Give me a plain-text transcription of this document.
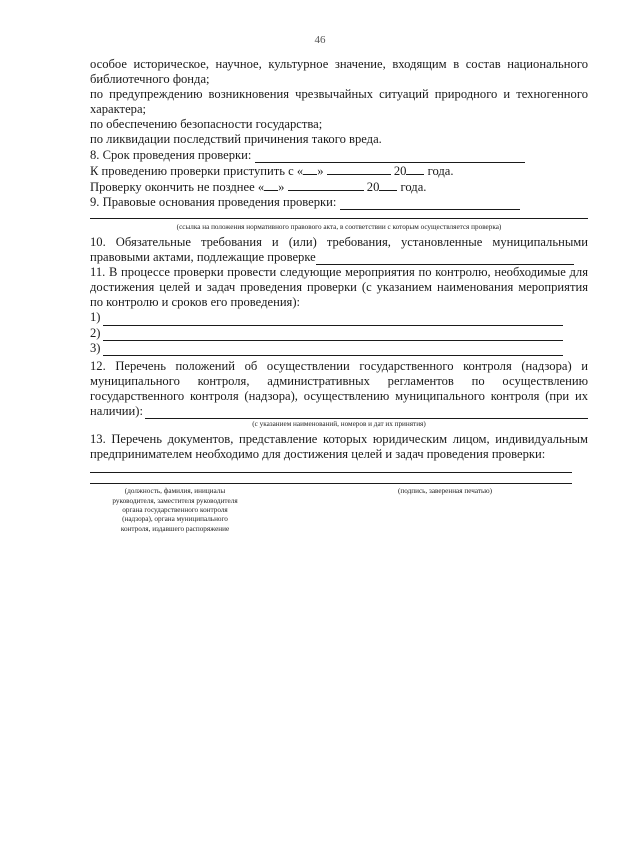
46

особое историческое, научное, культурное значение, входящим в состав национального

библиотечного фонда;

по предупреждению возникновения чрезвычайных ситуаций природного и техногенного

характера;

по обеспечению безопасности государства;

по ликвидации последствий причинения такого вреда.

8. Срок проведения проверки:
К проведению проверки приступить с « »	20 года.
Проверку окончить не позднее « »	20 года.
9. Правовые основания проведения проверки:
(ссылка на положения нормативного правового акта, в соответствии с которым осуществляется проверка)

10. Обязательные требования и (или) требования, установленные муниципальными

правовыми актами, подлежащие проверке

11. В процессе проверки провести следующие мероприятия по контролю, необходимые для

достижения целей и задач проведения проверки (с указанием наименования мероприятия

по контролю и сроков его проведения):

1)
2)
3)

12. Перечень положений об осуществлении государственного контроля (надзора) и

муниципального контроля, административных регламентов по осуществлению

государственного контроля (надзора), осуществлению муниципального контроля (при их

наличии):
(с указанием наименований, номеров и дат их принятия)

13. Перечень документов, представление которых юридическим лицом, индивидуальным

предпринимателем необходимо для достижения целей и задач проведения проверки:

(должность, фамилия, инициалы
руководителя, заместителя руководителя
органа государственного контроля
(надзора), органа муниципального
контроля, издавшего распоряжение
(подпись, заверенная печатью)
